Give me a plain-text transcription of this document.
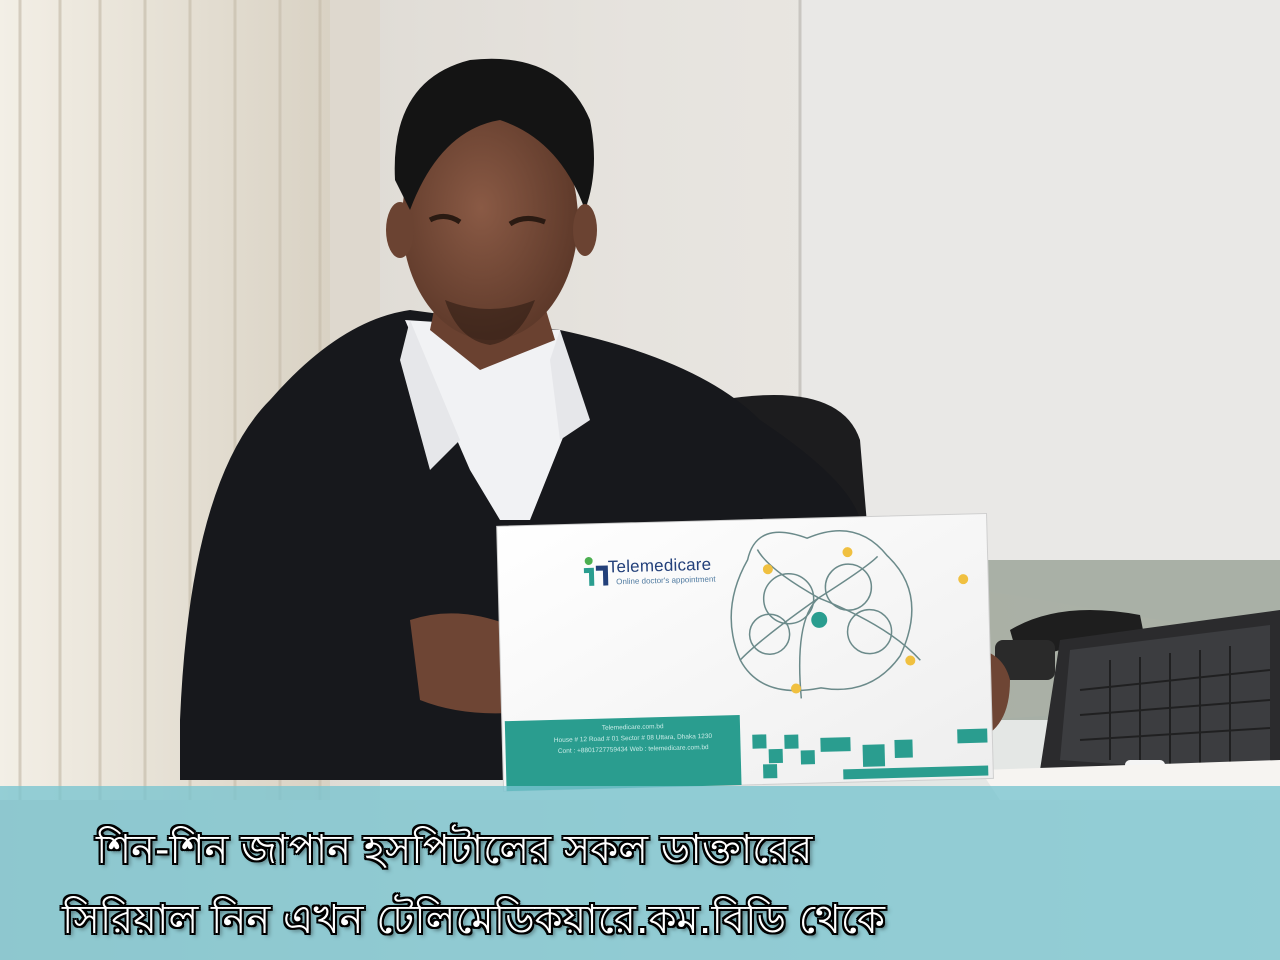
Telemedicare
Online doctor's appointment
Telemedicare.com.bd
House # 12 Road # 01 Sector # 08 Uttara, Dhaka 1230
Cont : +8801727759434 Web : telemedicare.com.bd
শিন-শিন জাপান হসপিটালের সকল ডাক্তারের
সিরিয়াল নিন এখন টেলিমেডিকয়ারে.কম.বিডি থেকে
